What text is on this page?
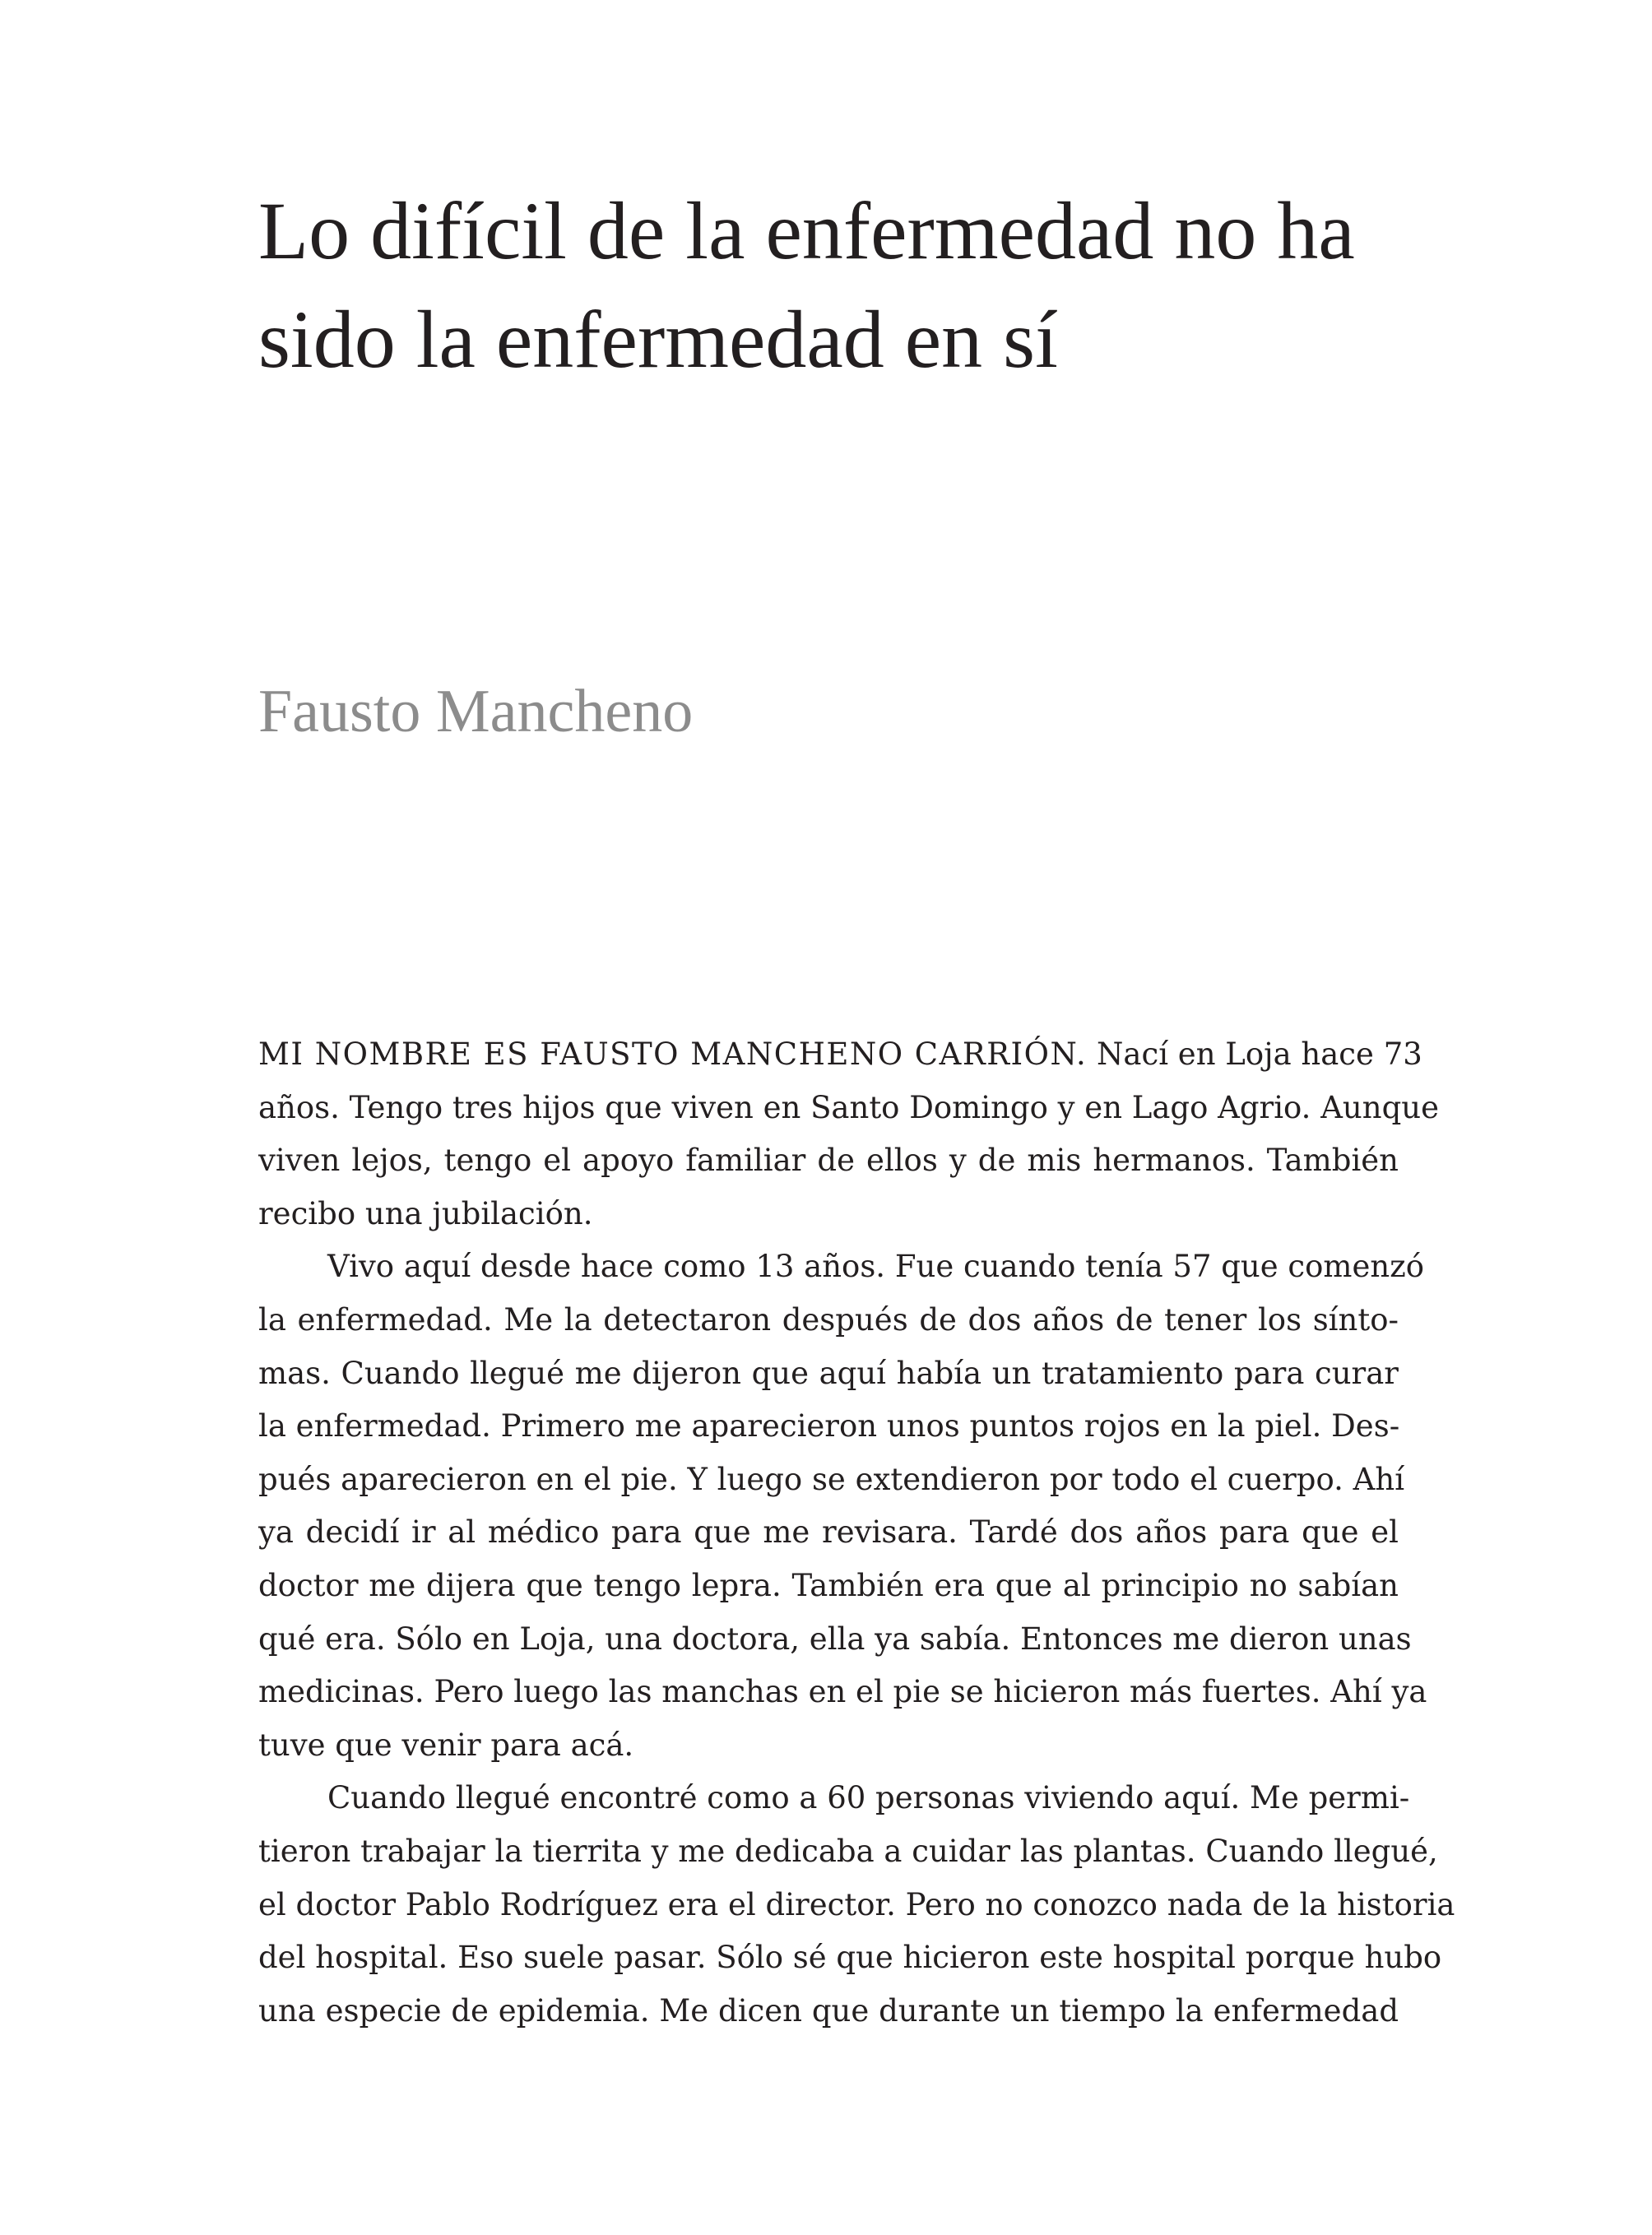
Lo difícil de la enfermedad no ha
sido la enfermedad en sí
Fausto Mancheno
MI NOMBRE ES FAUSTO MANCHENO CARRIÓN. Nací en Loja hace 73
años. Tengo tres hijos que viven en Santo Domingo y en Lago Agrio. Aunque
viven lejos, tengo el apoyo familiar de ellos y de mis hermanos. También
recibo una jubilación.
Vivo aquí desde hace como 13 años. Fue cuando tenía 57 que comenzó
la enfermedad. Me la detectaron después de dos años de tener los sínto-
mas. Cuando llegué me dijeron que aquí había un tratamiento para curar
la enfermedad. Primero me aparecieron unos puntos rojos en la piel. Des-
pués aparecieron en el pie. Y luego se extendieron por todo el cuerpo. Ahí
ya decidí ir al médico para que me revisara. Tardé dos años para que el
doctor me dijera que tengo lepra. También era que al principio no sabían
qué era. Sólo en Loja, una doctora, ella ya sabía. Entonces me dieron unas
medicinas. Pero luego las manchas en el pie se hicieron más fuertes. Ahí ya
tuve que venir para acá.
Cuando llegué encontré como a 60 personas viviendo aquí. Me permi-
tieron trabajar la tierrita y me dedicaba a cuidar las plantas. Cuando llegué,
el doctor Pablo Rodríguez era el director. Pero no conozco nada de la historia
del hospital. Eso suele pasar. Sólo sé que hicieron este hospital porque hubo
una especie de epidemia. Me dicen que durante un tiempo la enfermedad
